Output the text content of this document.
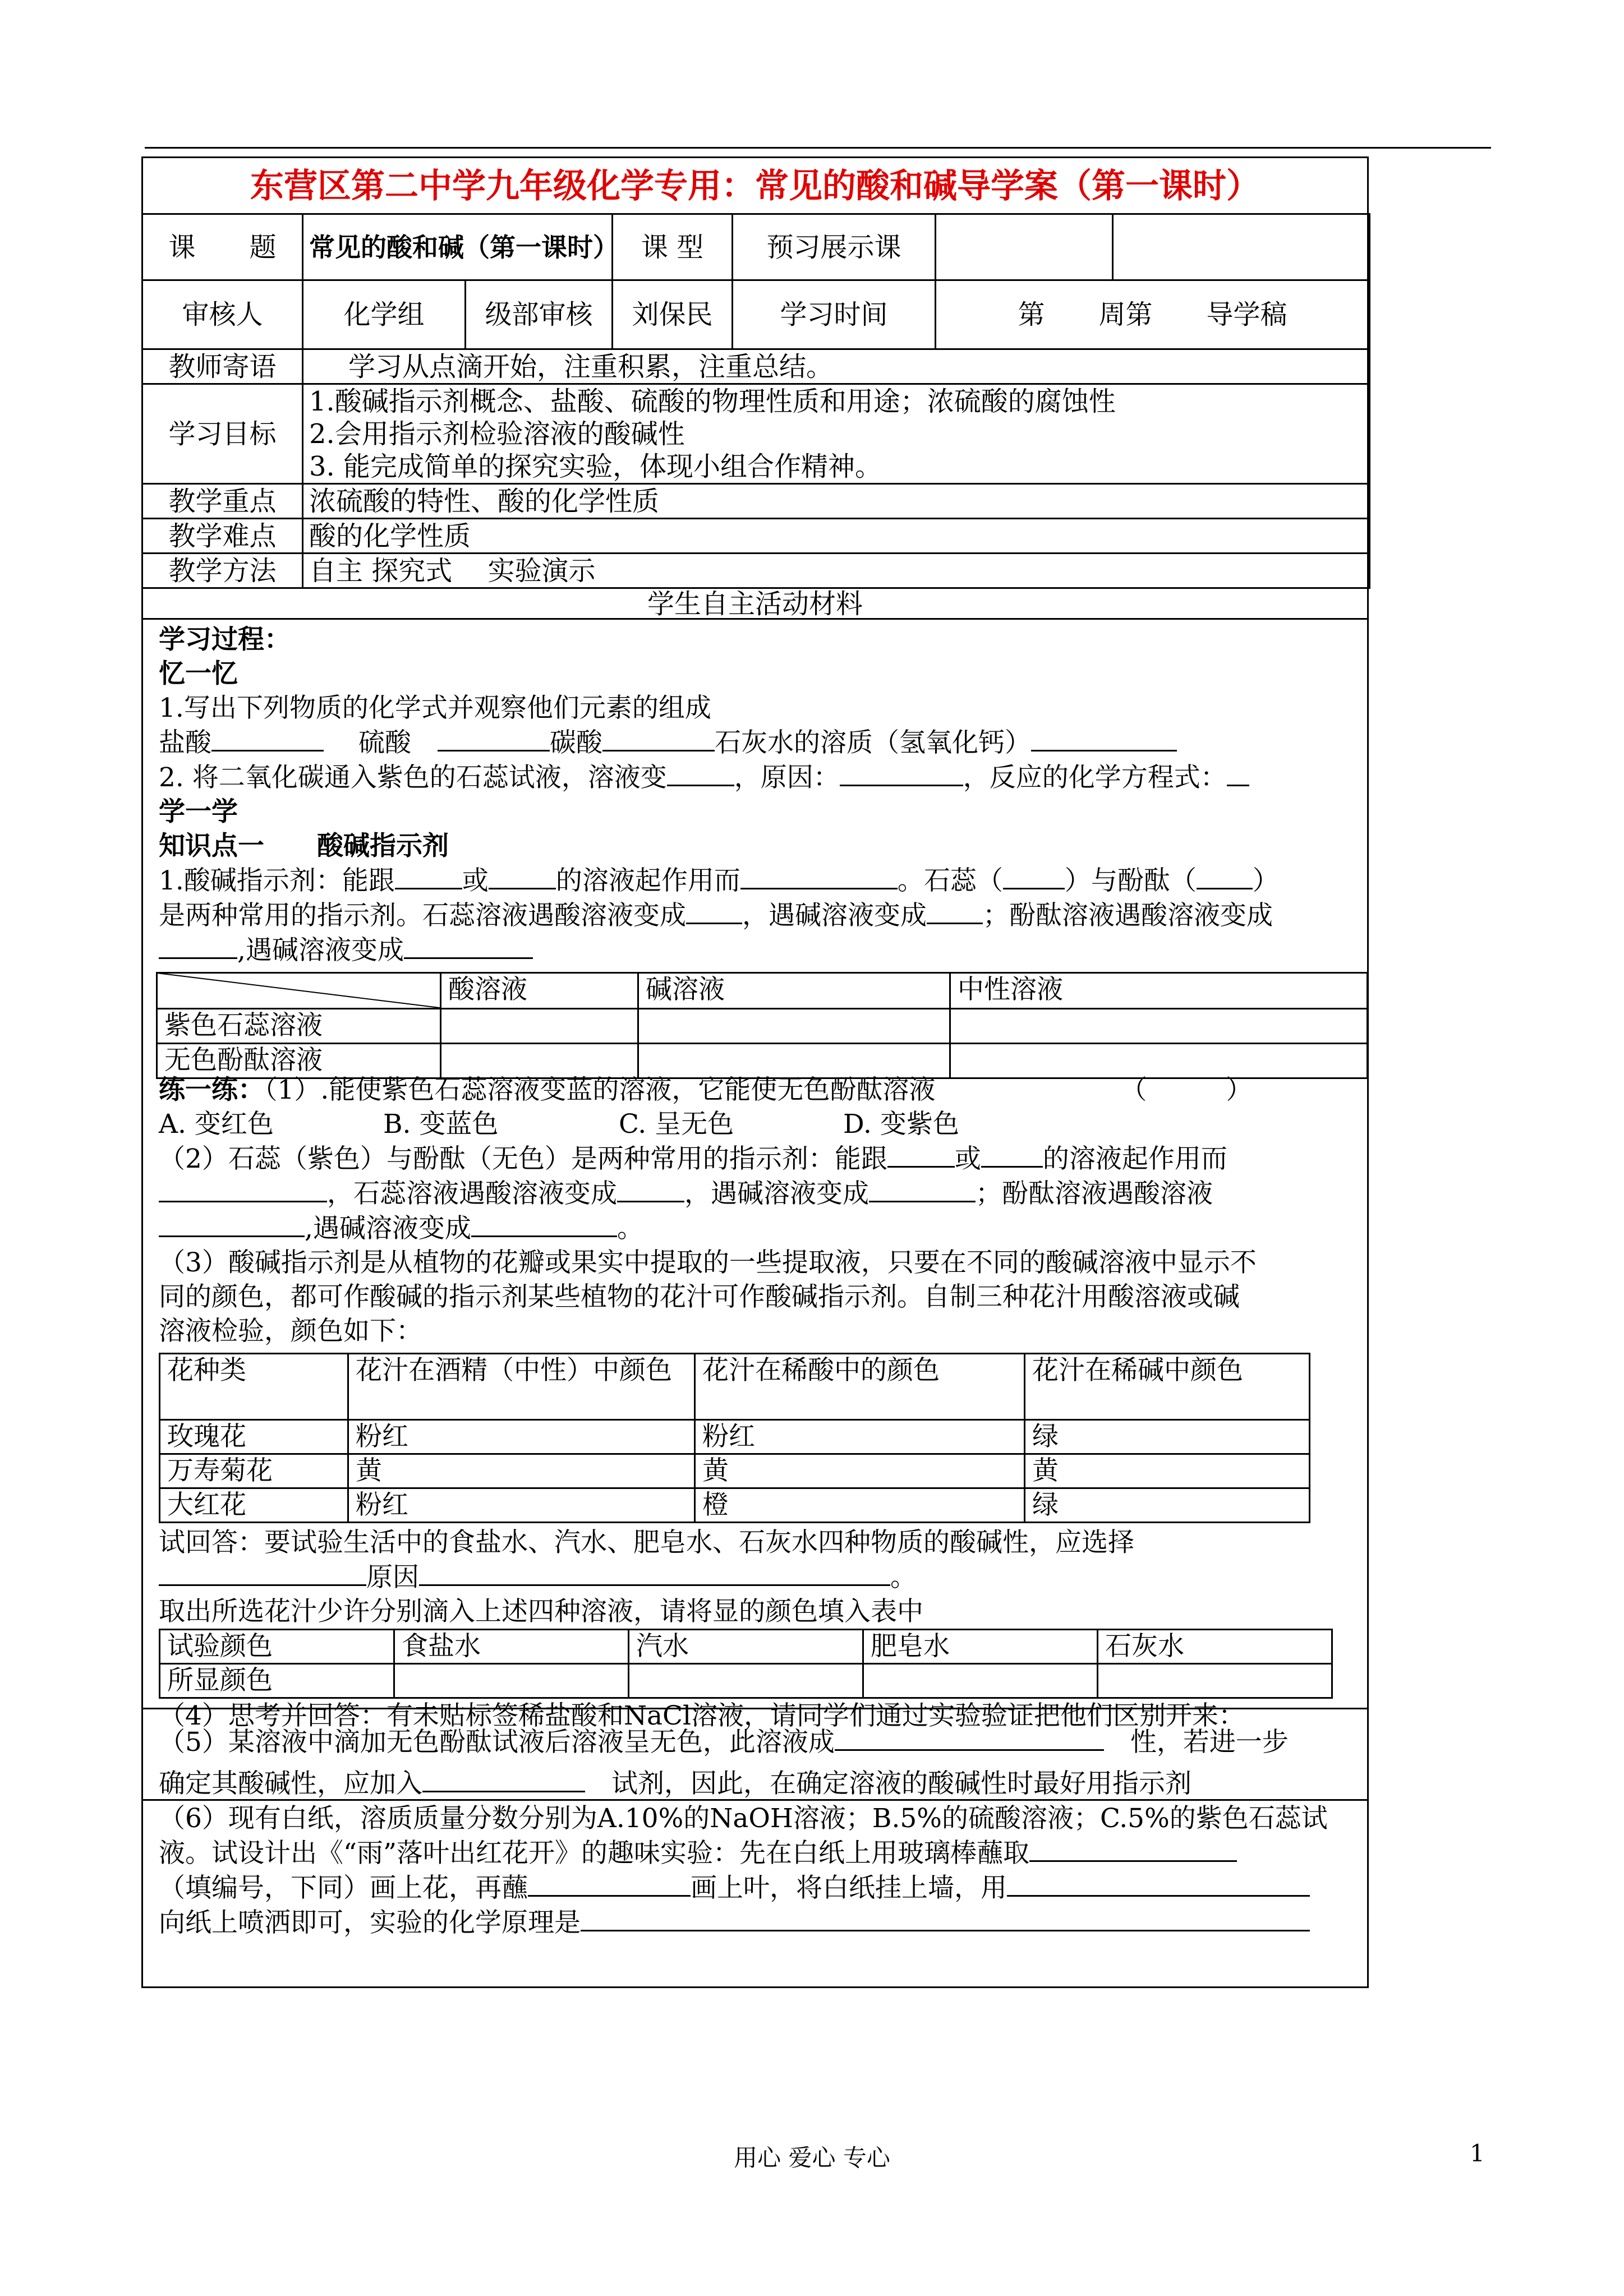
东营区第二中学九年级化学专用：常见的酸和碱导学案（第一课时）
课　　题	常见的酸和碱（第一课时）		课 型	预习展示课		
审核人	化学组	级部审核	刘保民	学习时间	第　　周第　　导学稿	
教师寄语	学习从点滴开始，注重积累，注重总结。					
学习目标	1.酸碱指示剂概念、盐酸、硫酸的物理性质和用途；浓硫酸的腐蚀性
2.会用指示剂检验溶液的酸碱性
3. 能完成简单的探究实验，体现小组合作精神。					

教学重点	浓硫酸的特性、酸的化学性质					
教学难点	酸的化学性质					
教学方法	自主 探究式　 实验演示					
学生自主活动材料

学习过程：

忆一忆

1.写出下列物质的化学式并观察他们元素的组成

盐酸　	硫酸　	碳酸	石灰水的溶质（氢氧化钙）

2. 将二氧化碳通入紫色的石蕊试液，溶液变	，原因：	，反应的化学方程式：

学一学

知识点一　　酸碱指示剂

1.酸碱指示剂：能跟	或	的溶液起作用而	。石蕊（ ）与酚酞（ ）

是两种常用的指示剂。石蕊溶液遇酸溶液变成 ，遇碱溶液变成 ；酚酞溶液遇酸溶液变成

,遇碱溶液变成

	酸溶液	碱溶液	中性溶液
紫色石蕊溶液			
无色酚酞溶液			

练一练：（1）.能使紫色石蕊溶液变蓝的溶液，它能使无色酚酞溶液	（　　　）

A. 变红色	B. 变蓝色	C. 呈无色	D. 变紫色

（2）石蕊（紫色）与酚酞（无色）是两种常用的指示剂：能跟	或 的溶液起作用而

，石蕊溶液遇酸溶液变成	，遇碱溶液变成	；酚酞溶液遇酸溶液

,遇碱溶液变成	。

（3）酸碱指示剂是从植物的花瓣或果实中提取的一些提取液，只要在不同的酸碱溶液中显示不

同的颜色，都可作酸碱的指示剂某些植物的花汁可作酸碱指示剂。自制三种花汁用酸溶液或碱

溶液检验，颜色如下：

花种类	花汁在酒精（中性）中颜色	花汁在稀酸中的颜色	花汁在稀碱中颜色
玫瑰花	粉红	粉红	绿
万寿菊花	黄	黄	黄
大红花	粉红	橙	绿

试回答：要试验生活中的食盐水、汽水、肥皂水、石灰水四种物质的酸碱性，应选择

原因	。

取出所选花汁少许分别滴入上述四种溶液，请将显的颜色填入表中

试验颜色	食盐水	汽水	肥皂水	石灰水
所显颜色				

（4）思考并回答：有未贴标签稀盐酸和NaCl溶液，请同学们通过实验验证把他们区别开来：

（5）某溶液中滴加无色酚酞试液后溶液呈无色，此溶液成　	性，若进一步

确定其酸碱性，应加入　	试剂，因此，在确定溶液的酸碱性时最好用指示剂

（6）现有白纸，溶质质量分数分别为A.10%的NaOH溶液；B.5%的硫酸溶液；C.5%的紫色石蕊试

液。试设计出《“雨”落叶出红花开》的趣味实验：先在白纸上用玻璃棒蘸取

（填编号，下同）画上花，再蘸	画上叶，将白纸挂上墙，用

向纸上喷洒即可，实验的化学原理是

用心 爱心 专心	1
